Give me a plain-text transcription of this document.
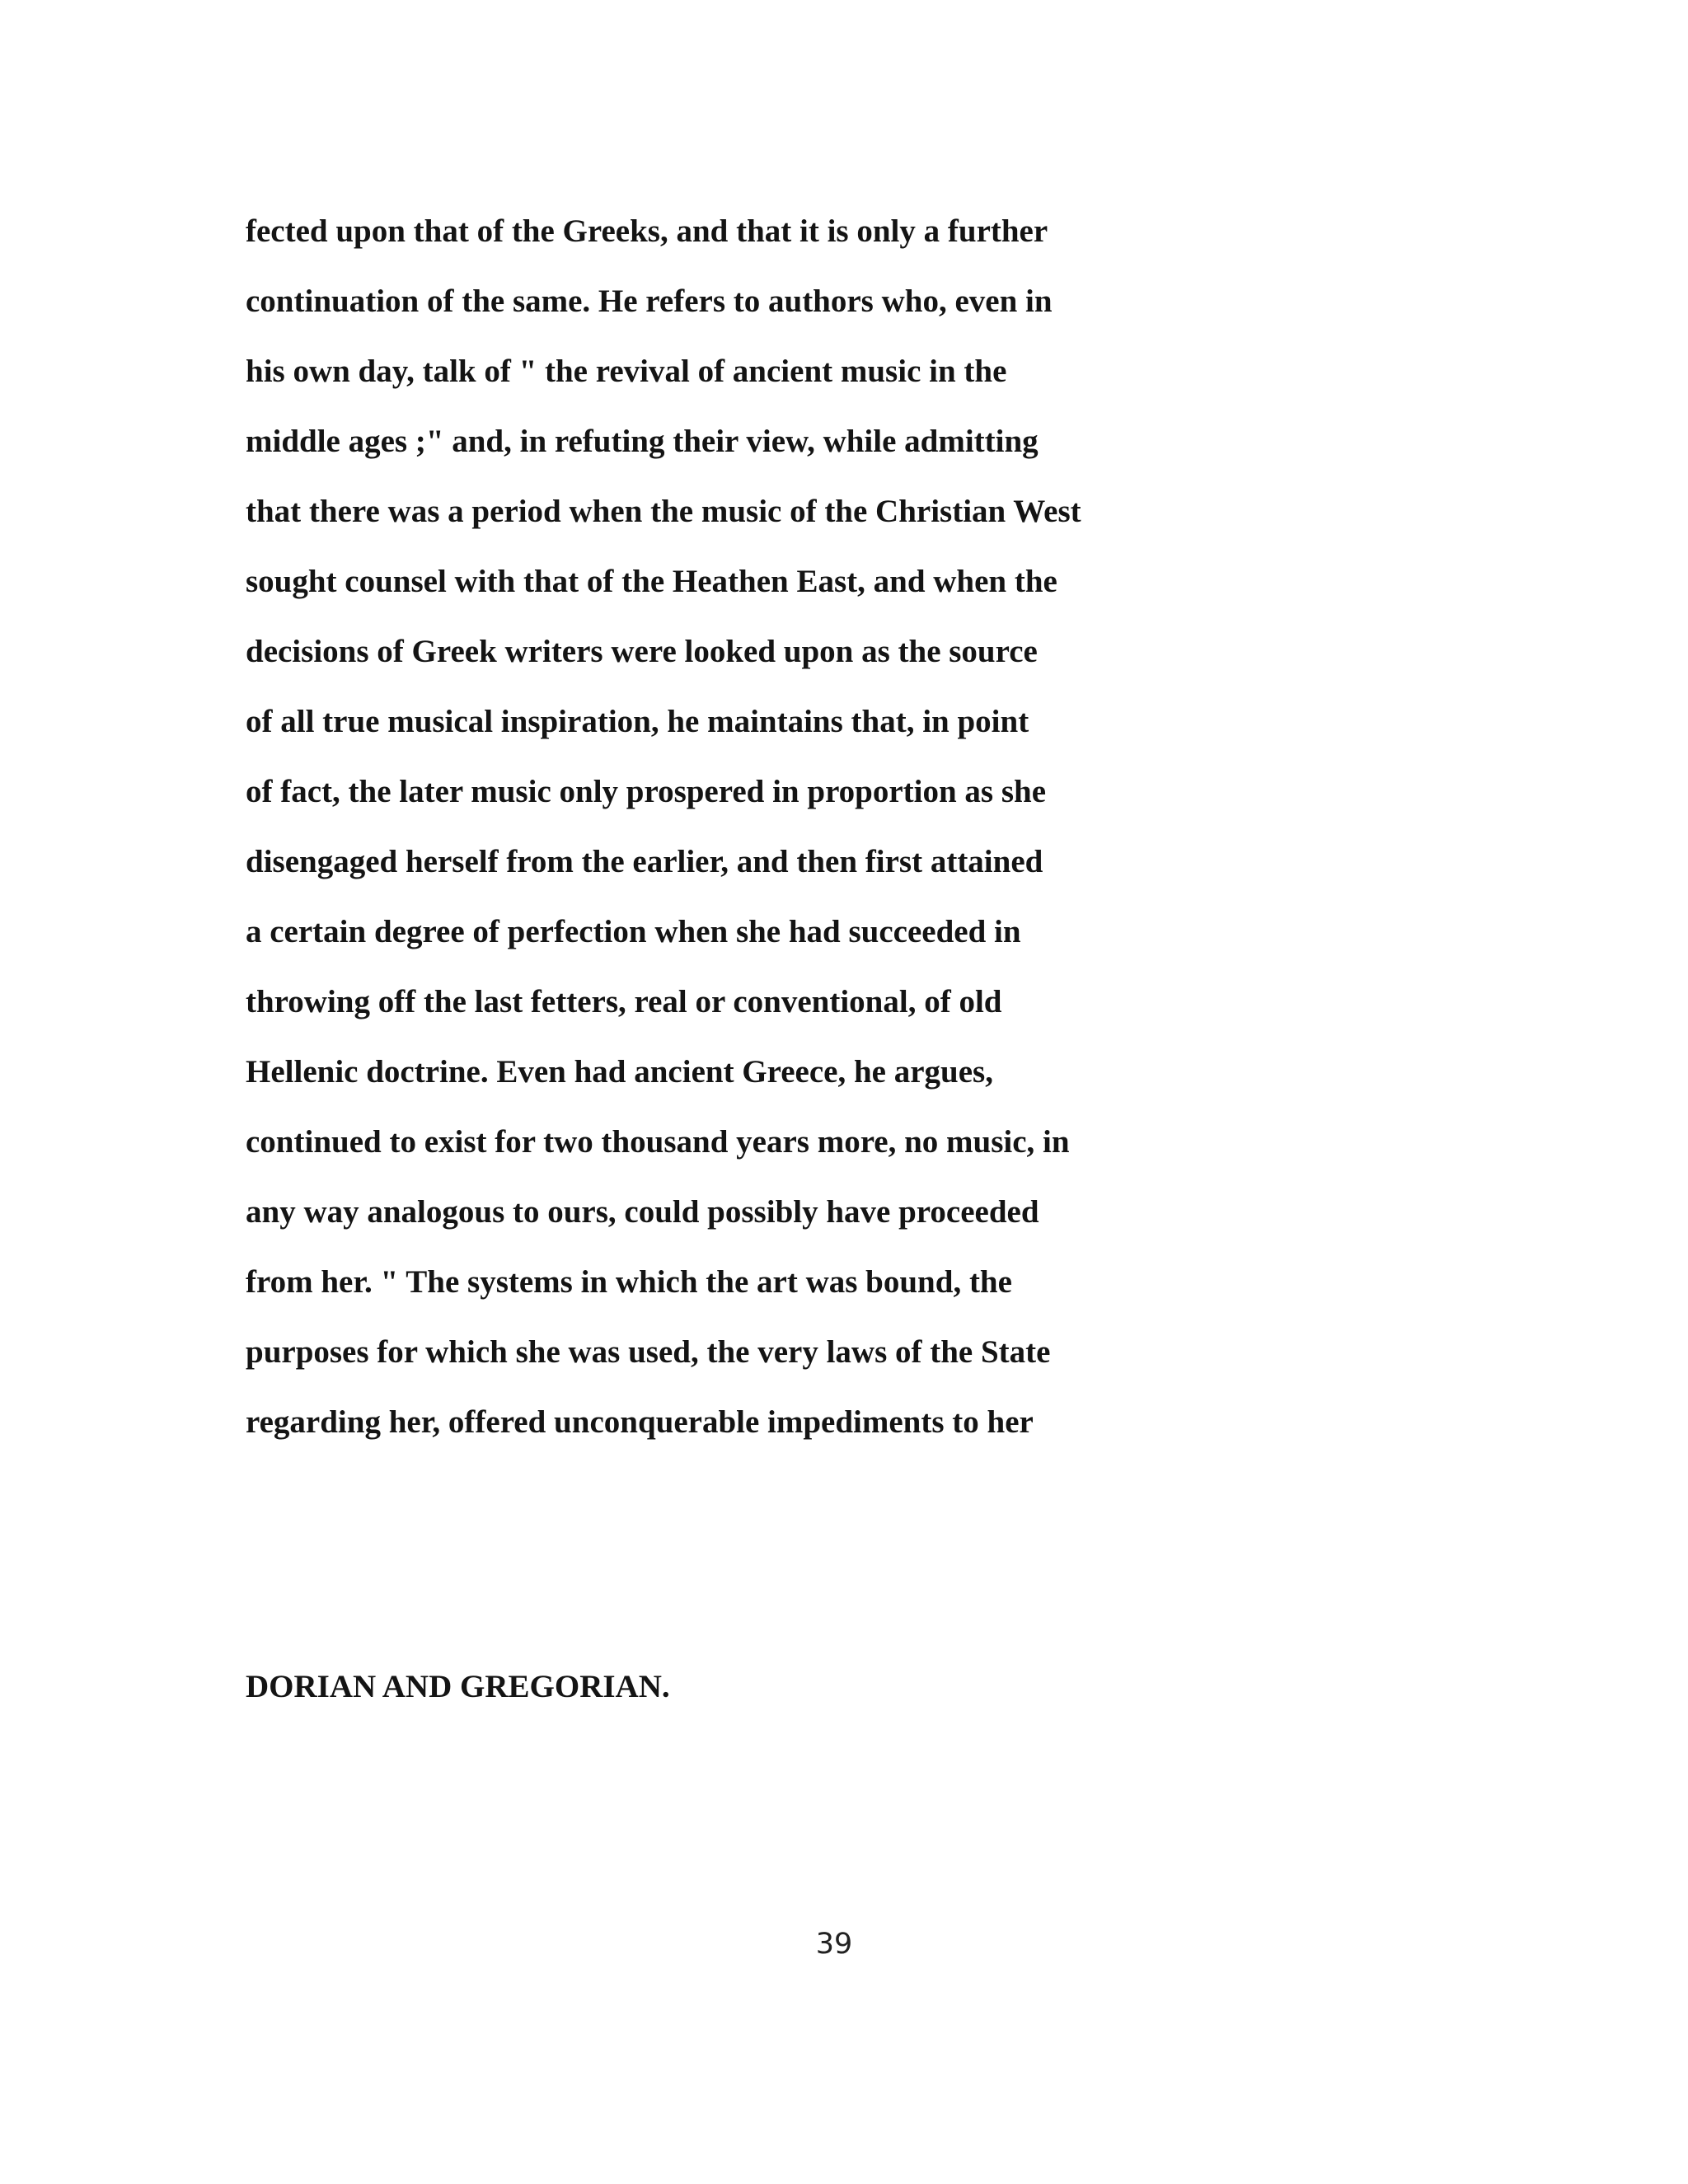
fected upon that of the Greeks, and that it is only a further
continuation of the same. He refers to authors who, even in
his own day, talk of " the revival of ancient music in the
middle ages ;" and, in refuting their view, while admitting
that there was a period when the music of the Christian West
sought counsel with that of the Heathen East, and when the
decisions of Greek writers were looked upon as the source
of all true musical inspiration, he maintains that, in point
of fact, the later music only prospered in proportion as she
disengaged herself from the earlier, and then first attained
a certain degree of perfection when she had succeeded in
throwing off the last fetters, real or conventional, of old
Hellenic doctrine. Even had ancient Greece, he argues,
continued to exist for two thousand years more, no music, in
any way analogous to ours, could possibly have proceeded
from her. " The systems in which the art was bound, the
purposes for which she was used, the very laws of the State
regarding her, offered unconquerable impediments to her

DORIAN AND GREGORIAN.

39
